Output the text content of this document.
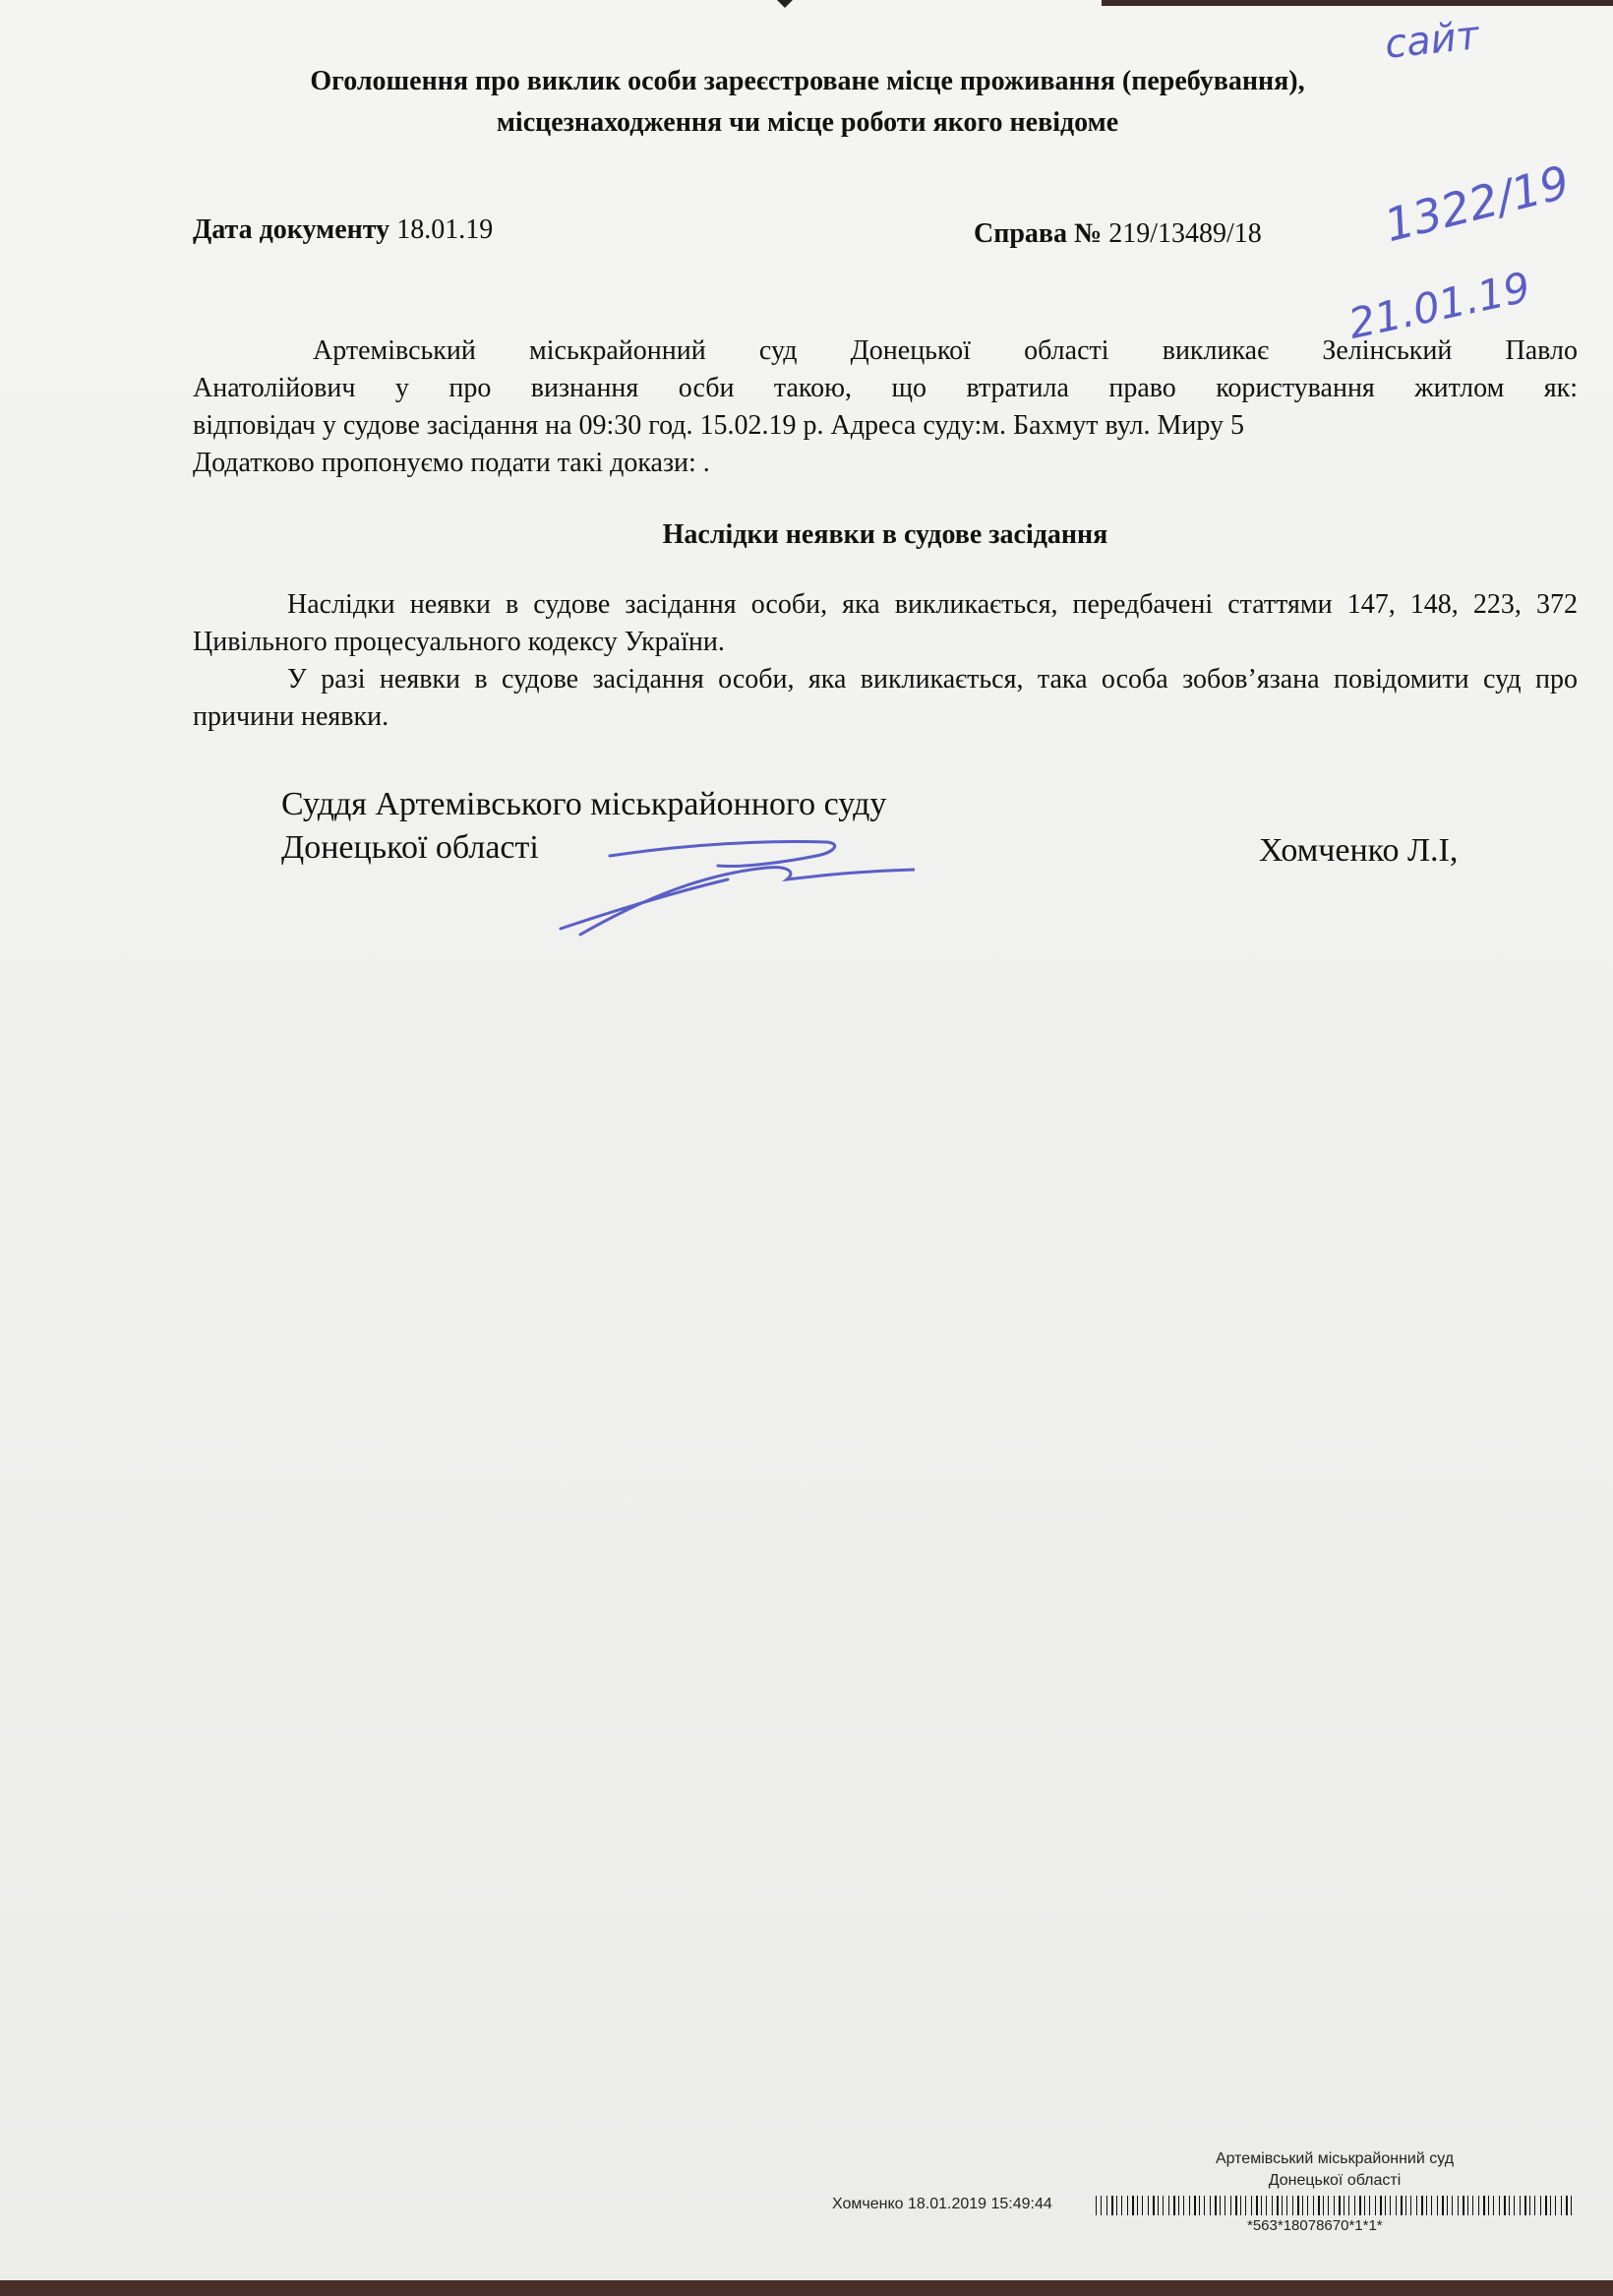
Оголошення про виклик особи зареєстроване місце проживання (перебування),
місцезнаходження чи місце роботи якого невідоме
Дата документу 18.01.19	Справа № 219/13489/18
сайт
1322/19
21.01.19
Артемівський міськрайонний суд Донецької області викликає Зелінський Павло
Анатолійович у про визнання осби такою, що втратила право користування житлом як:
відповідач у судове засідання на 09:30 год. 15.02.19 р. Адреса суду:м. Бахмут вул. Миру 5
Додатково пропонуємо подати такі докази: .
Наслідки неявки в судове засідання

Наслідки неявки в судове засідання особи, яка викликається, передбачені статтями 147, 148, 223, 372 Цивільного процесуального кодексу України.

У разі неявки в судове засідання особи, яка викликається, така особа зобов’язана повідомити суд про причини неявки.

Суддя Артемівського міськрайонного суду
Донецької області	Хомченко Л.І,
Артемівський міськрайонний суд
Донецької області
Хомченко 18.01.2019 15:49:44
*563*18078670*1*1*
